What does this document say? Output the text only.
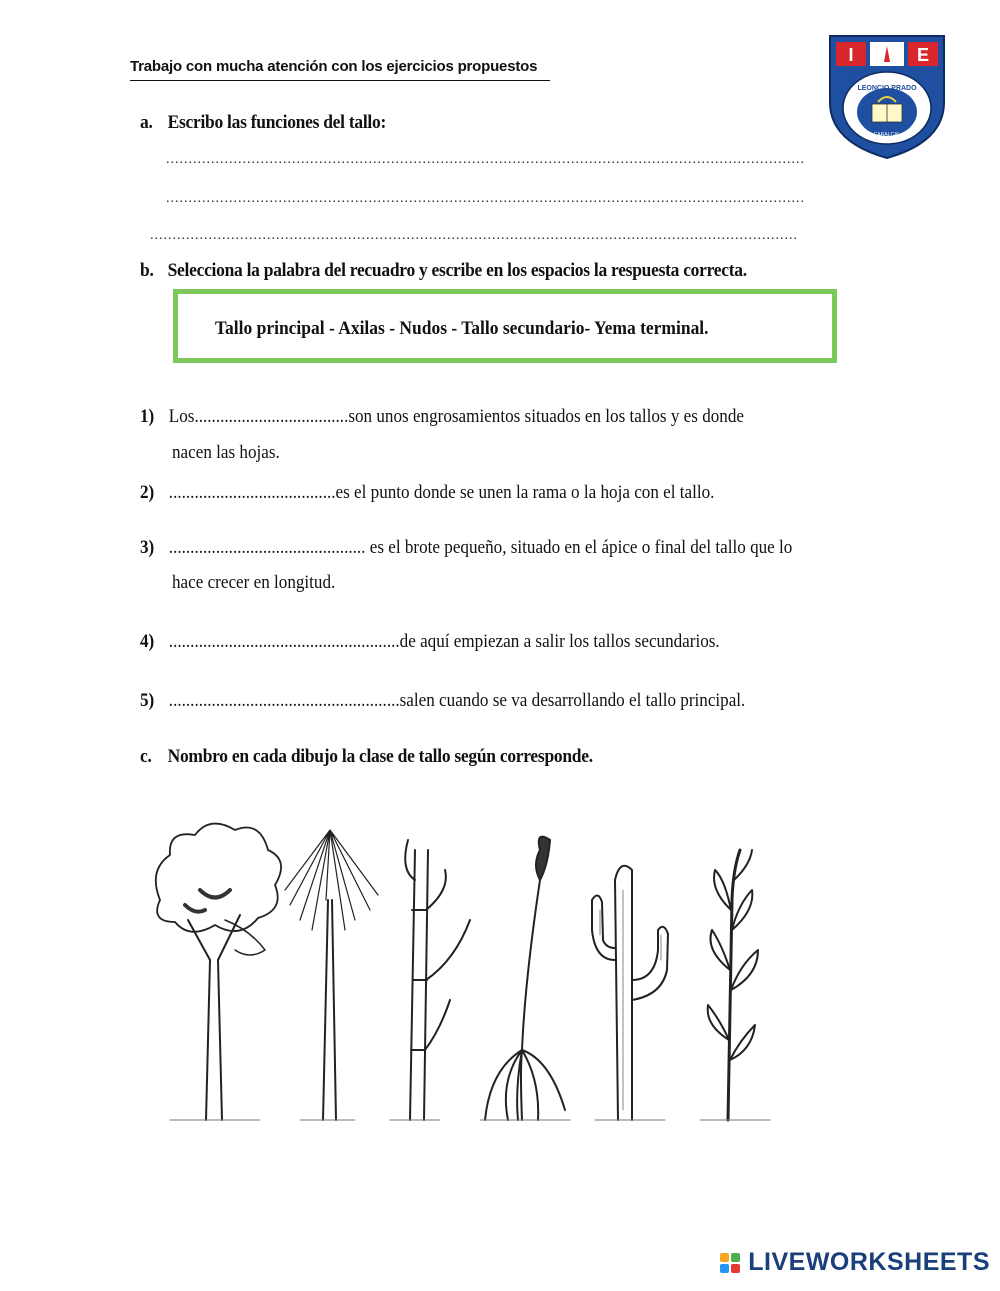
Trabajo con mucha atención con los ejercicios propuestos
I	E
20	67
LEONCIO PRADO
CARALCAL
a. Escribo las funciones del tallo:
..............................................................................................................................................
..............................................................................................................................................
................................................................................................................................................
b. Selecciona la palabra del recuadro y escribe en los espacios la respuesta correcta.
Tallo principal - Axilas - Nudos - Tallo secundario- Yema terminal.
1) Los....................................son unos engrosamientos situados en los tallos y es donde
nacen las hojas.
2) .......................................es el punto donde se unen la rama o la hoja con el tallo.
3) .............................................. es el brote pequeño, situado en el ápice o final del tallo que lo
hace crecer en longitud.
4) ......................................................de aquí empiezan a salir los tallos secundarios.
5) ......................................................salen cuando se va desarrollando el tallo principal.
c. Nombro en cada dibujo la clase de tallo según corresponde.
LIVEWORKSHEETS
